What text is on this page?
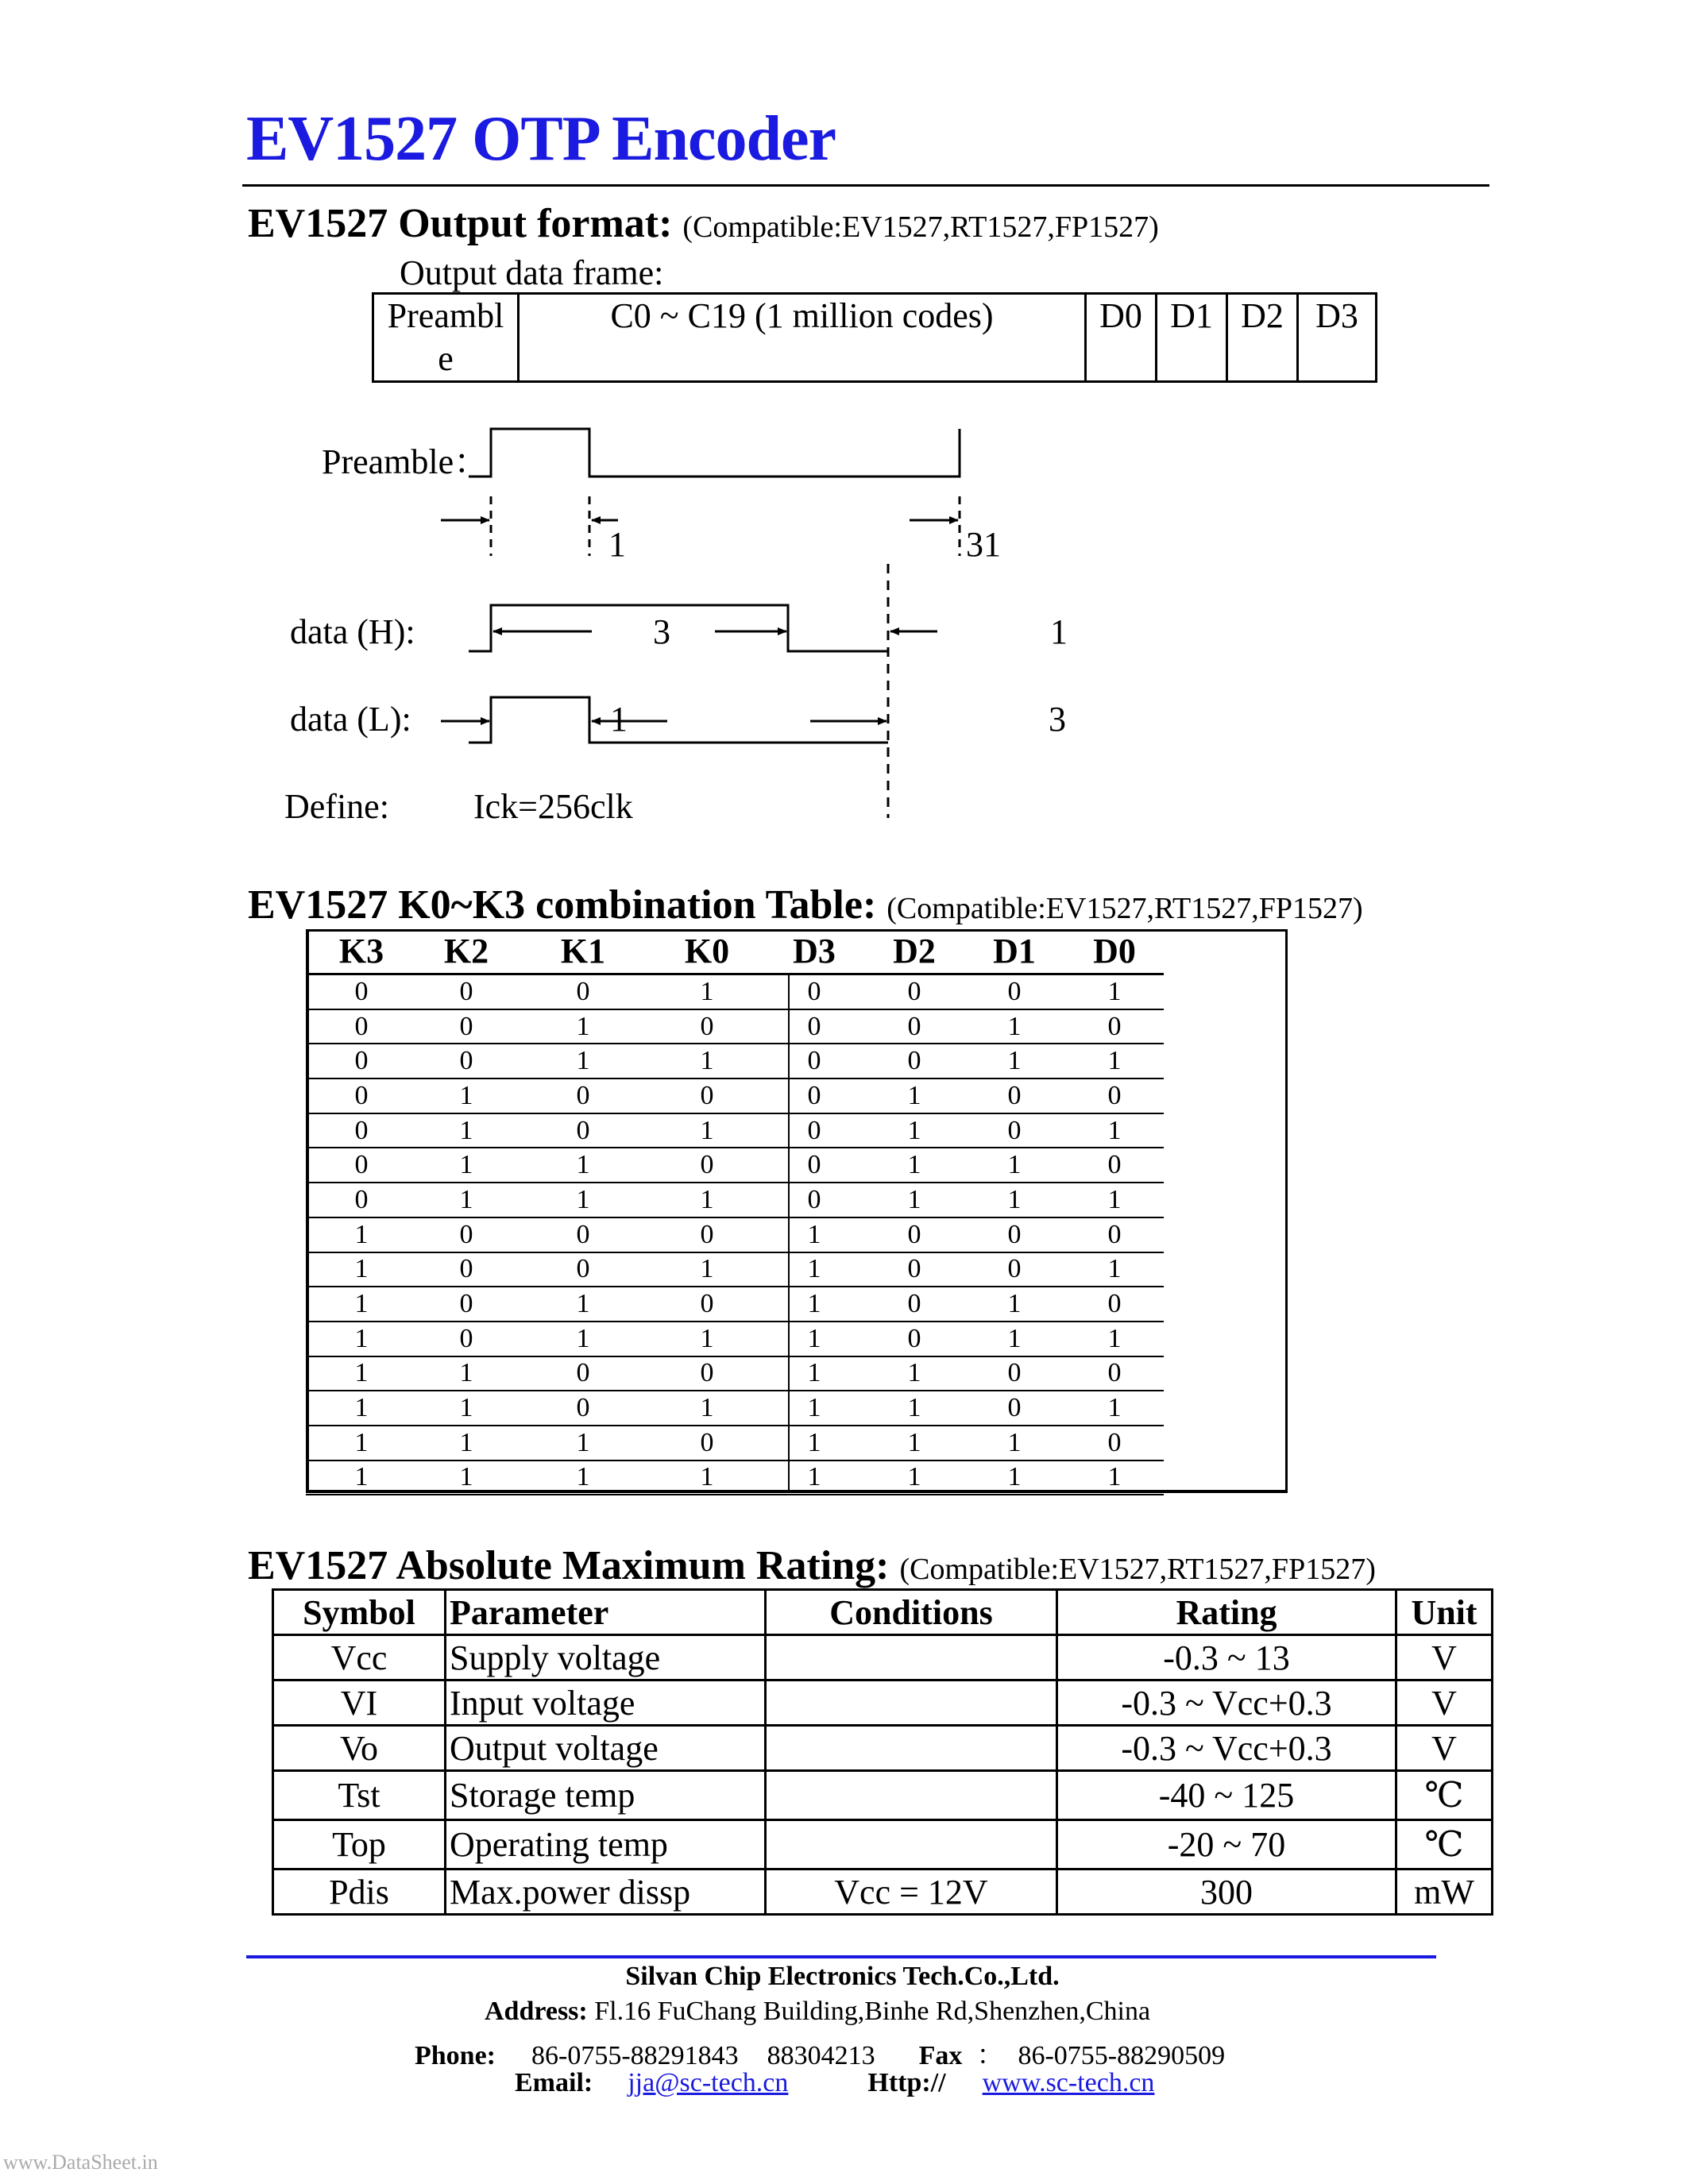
EV1527 OTP Encoder
EV1527 Output format: (Compatible:EV1527,RT1527,FP1527)
Output data frame:
Preambl e	C0 ~ C19 (1 million codes)	D0	D1	D2	D3
Preamble：
1	31
data (H):	3	1
data (L):	1	3
Define: Ick=256clk
EV1527 K0~K3 combination Table: (Compatible:EV1527,RT1527,FP1527)
K3	K2	K1	K0	D3	D2	D1	D0
0	0	0	1	0	0	0	1
0	0	1	0	0	0	1	0
0	0	1	1	0	0	1	1
0	1	0	0	0	1	0	0
0	1	0	1	0	1	0	1
0	1	1	0	0	1	1	0
0	1	1	1	0	1	1	1
1	0	0	0	1	0	0	0
1	0	0	1	1	0	0	1
1	0	1	0	1	0	1	0
1	0	1	1	1	0	1	1
1	1	0	0	1	1	0	0
1	1	0	1	1	1	0	1
1	1	1	0	1	1	1	0
1	1	1	1	1	1	1	1
EV1527 Absolute Maximum Rating: (Compatible:EV1527,RT1527,FP1527)
Symbol	Parameter	Conditions	Rating	Unit
Vcc	Supply voltage		-0.3 ~ 13	V
VI	Input voltage		-0.3 ~ Vcc+0.3	V
Vo	Output voltage		-0.3 ~ Vcc+0.3	V
Tst	Storage temp		-40 ~ 125	℃
Top	Operating temp		-20 ~ 70	℃
Pdis	Max.power dissp	Vcc = 12V	300	mW
Silvan Chip Electronics Tech.Co.,Ltd.
Address: Fl.16 FuChang Building,Binhe Rd,Shenzhen,China
Phone: 86-0755-88291843 88304213 Fax ： 86-0755-88290509
Email: jja@sc-tech.cn	Http:// www.sc-tech.cn
www.DataSheet.in
